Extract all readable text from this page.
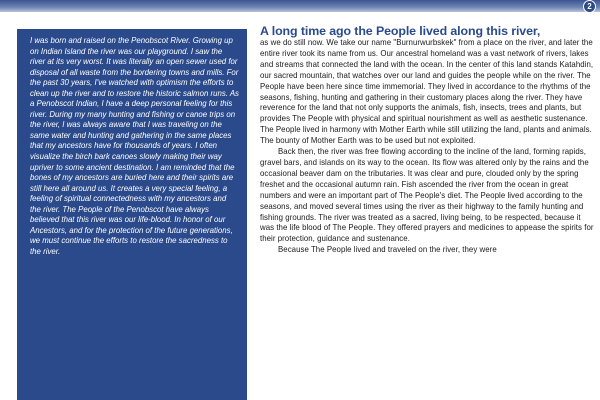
2

I was born and raised on the Penobscot River. Growing up on Indian Island the river was our playground. I saw the river at its very worst. It was literally an open sewer used for disposal of all waste from the bordering towns and mills. For the past 30 years, I've watched with optimism the efforts to clean up the river and to restore the historic salmon runs. As a Penobscot Indian, I have a deep personal feeling for this river. During my many hunting and fishing or canoe trips on the river, I was always aware that I was traveling on the same water and hunting and gathering in the same places that my ancestors have for thousands of years. I often visualize the birch bark canoes slowly making their way upriver to some ancient destination. I am reminded that the bones of my ancestors are buried here and their spirits are still here all around us. It creates a very special feeling, a feeling of spiritual connectedness with my ancestors and the river. The People of the Penobscot have always believed that this river was our life-blood. In honor of our Ancestors, and for the protection of the future generations, we must continue the efforts to restore the sacredness to the river.

A long time ago the People lived along this river,

as we do still now. We take our name "Burnurwurbskek" from a place on the river, and later the entire river took its name from us. Our ancestral homeland was a vast network of rivers, lakes and streams that connected the land with the ocean. In the center of this land stands Katahdin, our sacred mountain, that watches over our land and guides the people while on the river. The People have been here since time immemorial. They lived in accordance to the rhythms of the seasons, fishing, hunting and gathering in their customary places along the river. They have reverence for the land that not only supports the animals, fish, insects, trees and plants, but provides The People with physical and spiritual nourishment as well as aesthetic sustenance. The People lived in harmony with Mother Earth while still utilizing the land, plants and animals. The bounty of Mother Earth was to be used but not exploited.

Back then, the river was free flowing according to the incline of the land, forming rapids, gravel bars, and islands on its way to the ocean. Its flow was altered only by the rains and the occasional beaver dam on the tributaries. It was clear and pure, clouded only by the spring freshet and the occasional autumn rain. Fish ascended the river from the ocean in great numbers and were an important part of The People's diet. The People lived according to the seasons, and moved several times using the river as their highway to the family hunting and fishing grounds. The river was treated as a sacred, living being, to be respected, because it was the life blood of The People. They offered prayers and medicines to appease the spirits for their protection, guidance and sustenance.

Because The People lived and traveled on the river, they were
